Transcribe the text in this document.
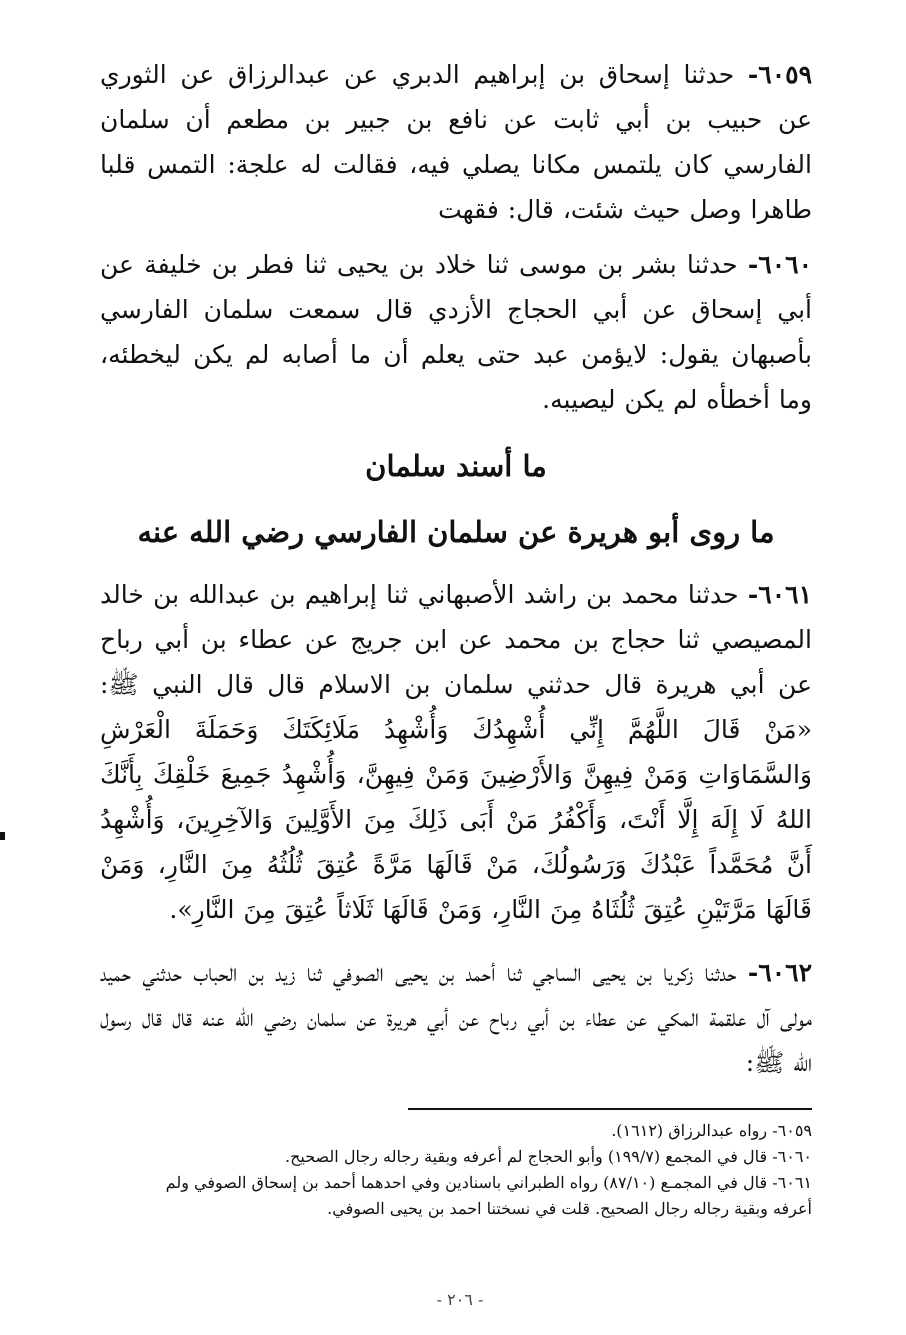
٦٠٥٩- حدثنا إسحاق بن إبراهيم الدبري عن عبدالرزاق عن الثوري عن حبيب بن أبي ثابت عن نافع بن جبير بن مطعم أن سلمان الفارسي كان يلتمس مكانا يصلي فيه، فقالت له علجة: التمس قلبا طاهرا وصل حيث شئت، قال: فقهت

٦٠٦٠- حدثنا بشر بن موسى ثنا خلاد بن يحيى ثنا فطر بن خليفة عن أبي إسحاق عن أبي الحجاج الأزدي قال سمعت سلمان الفارسي بأصبهان يقول: لايؤمن عبد حتى يعلم أن ما أصابه لم يكن ليخطئه، وما أخطأه لم يكن ليصيبه.

ما أسند سلمان
ما روى أبو هريرة عن سلمان الفارسي رضي الله عنه

٦٠٦١- حدثنا محمد بن راشد الأصبهاني ثنا إبراهيم بن عبدالله بن خالد المصيصي ثنا حجاج بن محمد عن ابن جريج عن عطاء بن أبي رباح عن أبي هريرة قال حدثني سلمان بن الاسلام قال قال النبي ﷺ: «مَنْ قَالَ اللَّهُمَّ إِنِّي أُشْهِدُكَ وَأُشْهِدُ مَلَائِكَتَكَ وَحَمَلَةَ الْعَرْشِ وَالسَّمَاوَاتِ وَمَنْ فِيهِنَّ وَالأَرْضِينَ وَمَنْ فِيهِنَّ، وَأُشْهِدُ جَمِيعَ خَلْقِكَ بِأَنَّكَ اللهُ لَا إِلَهَ إِلَّا أَنْتَ، وَأَكْفُرُ مَنْ أَبَى ذَلِكَ مِنَ الأَوَّلِينَ وَالآخِرِينَ، وَأُشْهِدُ أَنَّ مُحَمَّداً عَبْدُكَ وَرَسُولُكَ، مَنْ قَالَهَا مَرَّةً عُتِقَ ثُلُثُهُ مِنَ النَّارِ، وَمَنْ قَالَهَا مَرَّتَيْنِ عُتِقَ ثُلُثَاهُ مِنَ النَّارِ، وَمَنْ قَالَهَا ثَلَاثاً عُتِقَ مِنَ النَّارِ».

٦٠٦٢- حدثنا زكريا بن يحيى الساجي ثنا أحمد بن يحيى الصوفي ثنا زيد بن الحباب حدثني حميد مولى آل علقمة المكي عن عطاء بن أبي رباح عن أبي هريرة عن سلمان رضي الله عنه قال قال رسول الله ﷺ:

٦٠٥٩- رواه عبدالرزاق (١٦١٢).

٦٠٦٠- قال في المجمع (١٩٩/٧) وأبو الحجاج لم أعرفه وبقية رجاله رجال الصحيح.

٦٠٦١- قال في المجمـع (٨٧/١٠) رواه الطبراني باسنادين وفي احدهما أحمد بن إسحاق الصوفي ولم أعرفه وبقية رجاله رجال الصحيح. قلت في نسختنا احمد بن يحيى الصوفي.

- ٢٠٦ -
